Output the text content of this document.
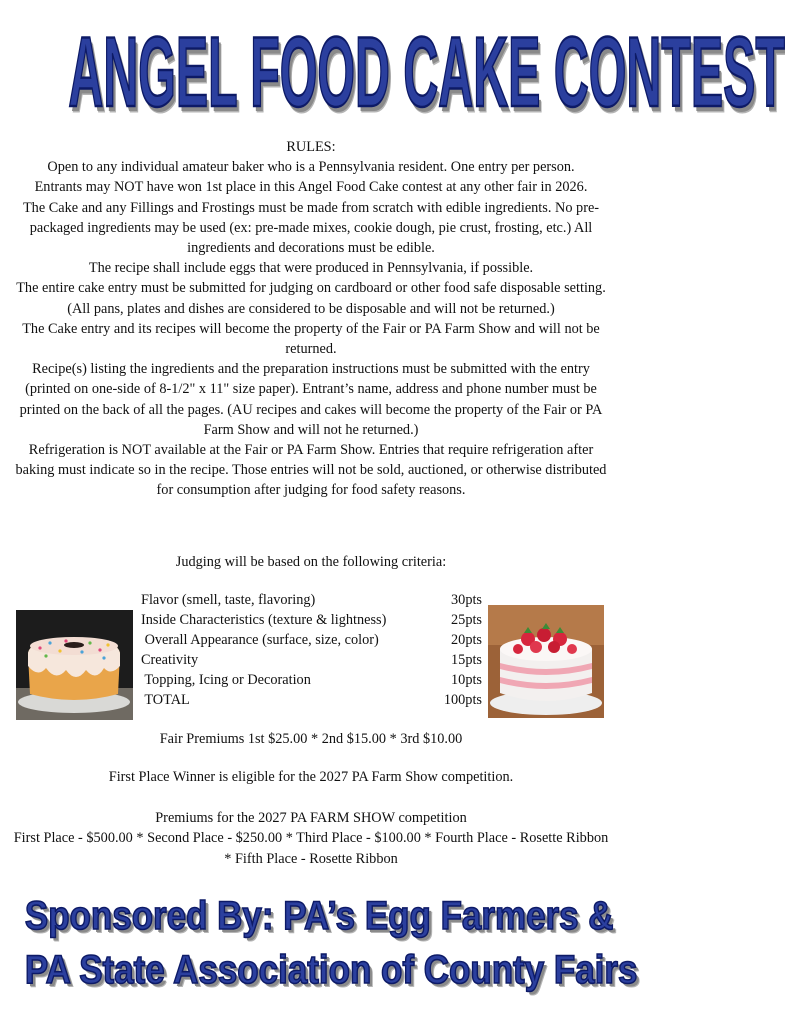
ANGEL FOOD CAKE CONTEST

RULES:

Open to any individual amateur baker who is a Pennsylvania resident. One entry per person.

Entrants may NOT have won 1st place in this Angel Food Cake contest at any other fair in 2026.

The Cake and any Fillings and Frostings must be made from scratch with edible ingredients. No pre-packaged ingredients may be used (ex: pre-made mixes, cookie dough, pie crust, frosting, etc.) All ingredients and decorations must be edible.

The recipe shall include eggs that were produced in Pennsylvania, if possible.

The entire cake entry must be submitted for judging on cardboard or other food safe disposable setting. (All pans, plates and dishes are considered to be disposable and will not be returned.)

The Cake entry and its recipes will become the property of the Fair or PA Farm Show and will not be returned.

Recipe(s) listing the ingredients and the preparation instructions must be submitted with the entry (printed on one-side of 8-1/2" x 11" size paper). Entrant’s name, address and phone number must be printed on the back of all the pages. (AU recipes and cakes will become the property of the Fair or PA Farm Show and will not he returned.)

Refrigeration is NOT available at the Fair or PA Farm Show. Entries that require refrigeration after baking must indicate so in the recipe. Those entries will not be sold, auctioned, or otherwise distributed for consumption after judging for food safety reasons.

Judging will be based on the following criteria:
Flavor (smell, taste, flavoring)	30pts
Inside Characteristics (texture & lightness)	25pts
Overall Appearance (surface, size, color)	20pts
Creativity	15pts
Topping, Icing or Decoration	10pts
TOTAL	100pts
Fair Premiums 1st $25.00 * 2nd $15.00 * 3rd $10.00
First Place Winner is eligible for the 2027 PA Farm Show competition.
Premiums for the 2027 PA FARM SHOW competition
First Place - $500.00 * Second Place - $250.00 * Third Place - $100.00 * Fourth Place - Rosette Ribbon * Fifth Place - Rosette Ribbon
Sponsored By: PA’s Egg Farmers &
PA State Association of County Fairs
